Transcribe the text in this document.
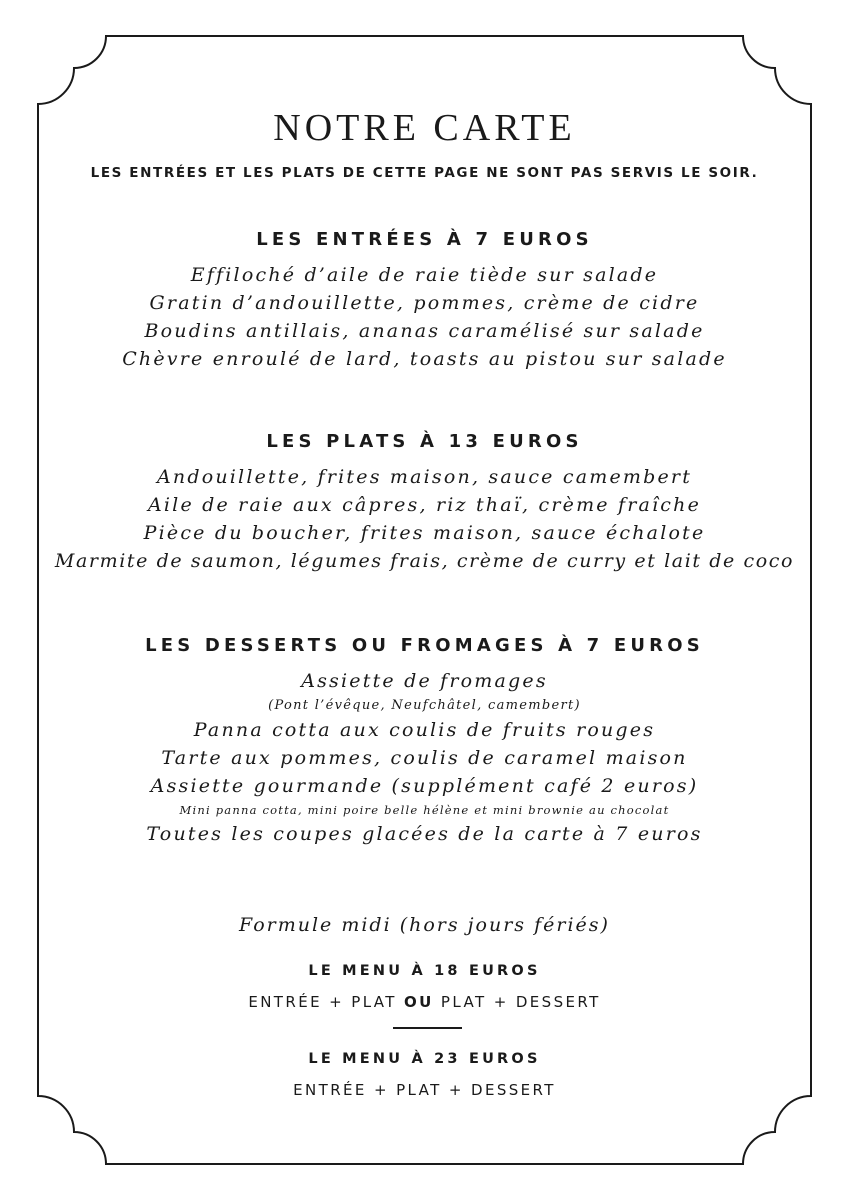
NOTRE CARTE
LES ENTRÉES ET LES PLATS DE CETTE PAGE NE SONT PAS SERVIS LE SOIR.
LES ENTRÉES À 7 EUROS
Effiloché d’aile de raie tiède sur salade
Gratin d’andouillette, pommes, crème de cidre
Boudins antillais, ananas caramélisé sur salade
Chèvre enroulé de lard, toasts au pistou sur salade
LES PLATS À 13 EUROS
Andouillette, frites maison, sauce camembert
Aile de raie aux câpres, riz thaï, crème fraîche
Pièce du boucher, frites maison, sauce échalote
Marmite de saumon, légumes frais, crème de curry et lait de coco
LES DESSERTS OU FROMAGES À 7 EUROS
Assiette de fromages
(Pont l’évêque, Neufchâtel, camembert)
Panna cotta aux coulis de fruits rouges
Tarte aux pommes, coulis de caramel maison
Assiette gourmande (supplément café 2 euros)
Mini panna cotta, mini poire belle hélène et mini brownie au chocolat
Toutes les coupes glacées de la carte à 7 euros
Formule midi (hors jours fériés)
LE MENU À 18 EUROS
ENTRÉE + PLAT OU PLAT + DESSERT
LE MENU À 23 EUROS
ENTRÉE + PLAT + DESSERT
